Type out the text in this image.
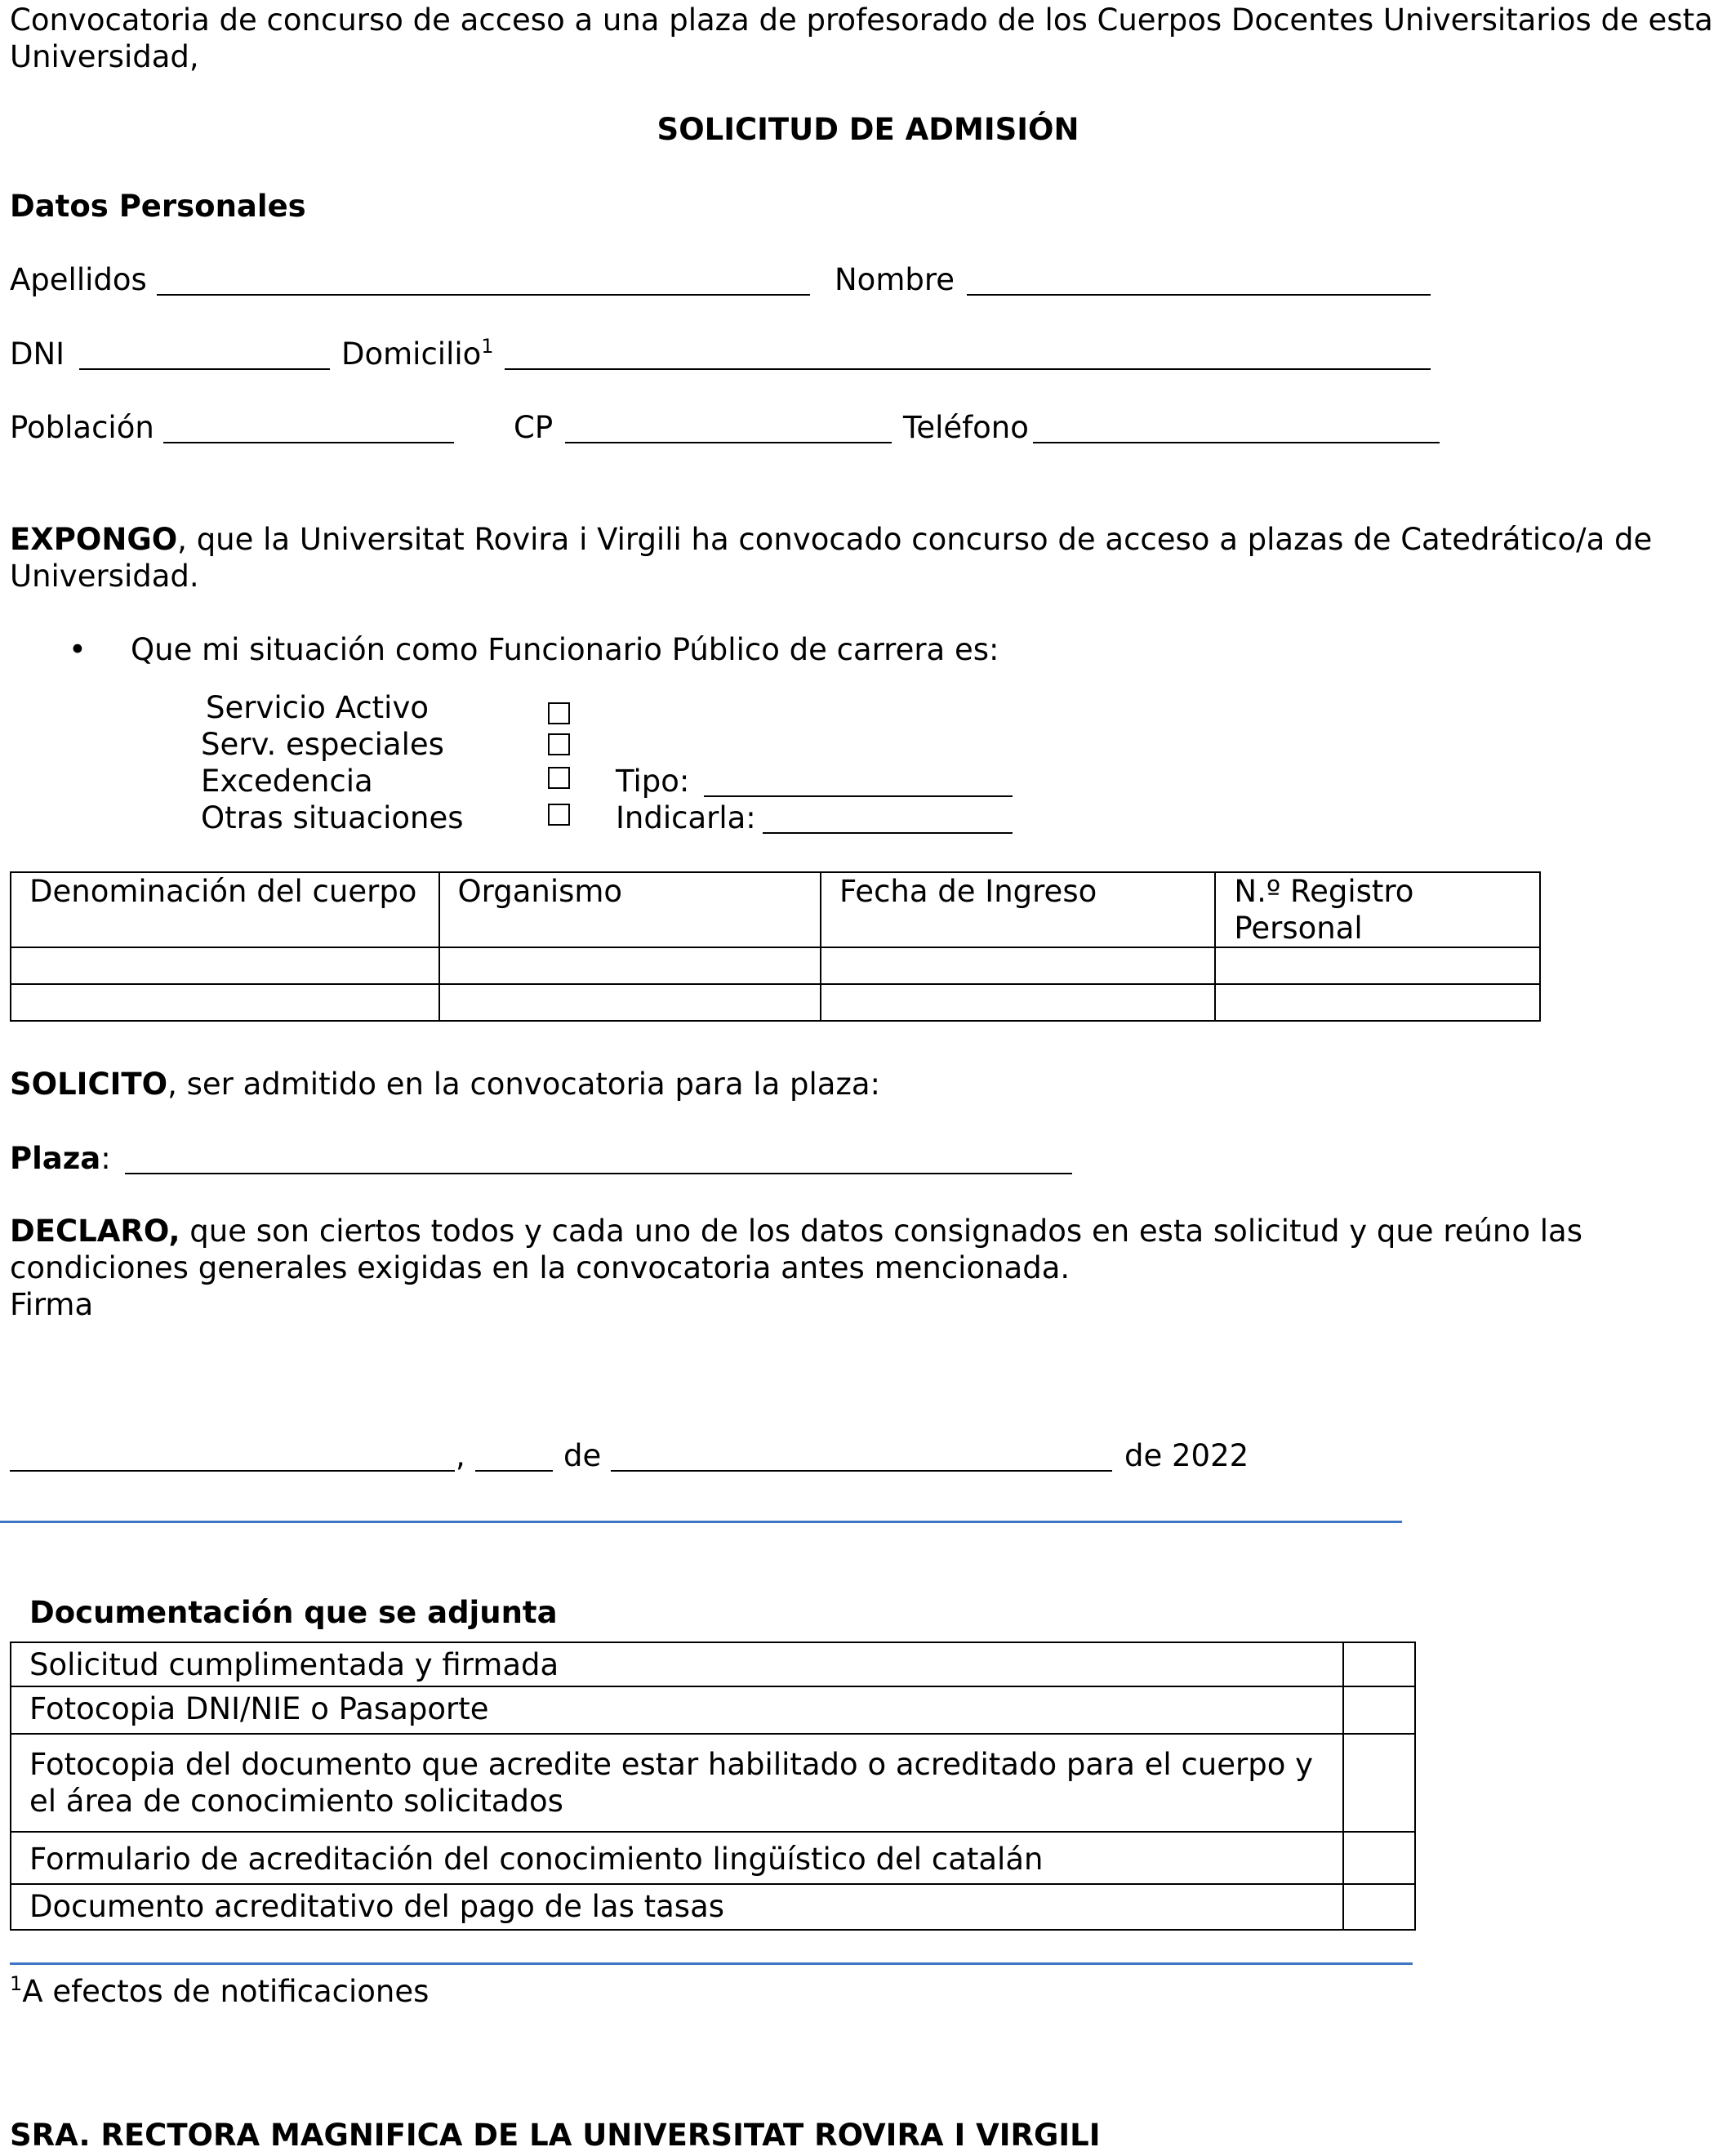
Convocatoria de concurso de acceso a una plaza de profesorado de los Cuerpos Docentes Universitarios de esta Universidad,
SOLICITUD DE ADMISIÓN
Datos Personales
Apellidos	Nombre
DNI	Domicilio$^1$
Población	CP	Teléfono
EXPONGO, que la Universitat Rovira i Virgili ha convocado concurso de acceso a plazas de Catedrático/a de Universidad.
• Que mi situación como Funcionario Público de carrera es:
Servicio Activo
Serv. especiales
Excedencia	Tipo:
Otras situaciones	Indicarla:
Denominación del cuerpo	Organismo	Fecha de Ingreso	N.º Registro Personal

SOLICITO, ser admitido en la convocatoria para la plaza:
Plaza:
DECLARO, que son ciertos todos y cada uno de los datos consignados en esta solicitud y que reúno las condiciones generales exigidas en la convocatoria antes mencionada.
Firma
,	de	de 2022
Documentación que se adjunta
Solicitud cumplimentada y firmada	
Fotocopia DNI/NIE o Pasaporte	
Fotocopia del documento que acredite estar habilitado o acreditado para el cuerpo y el área de conocimiento solicitados	
Formulario de acreditación del conocimiento lingüístico del catalán	
Documento acreditativo del pago de las tasas	
$^1$A efectos de notificaciones
SRA. RECTORA MAGNIFICA DE LA UNIVERSITAT ROVIRA I VIRGILI
